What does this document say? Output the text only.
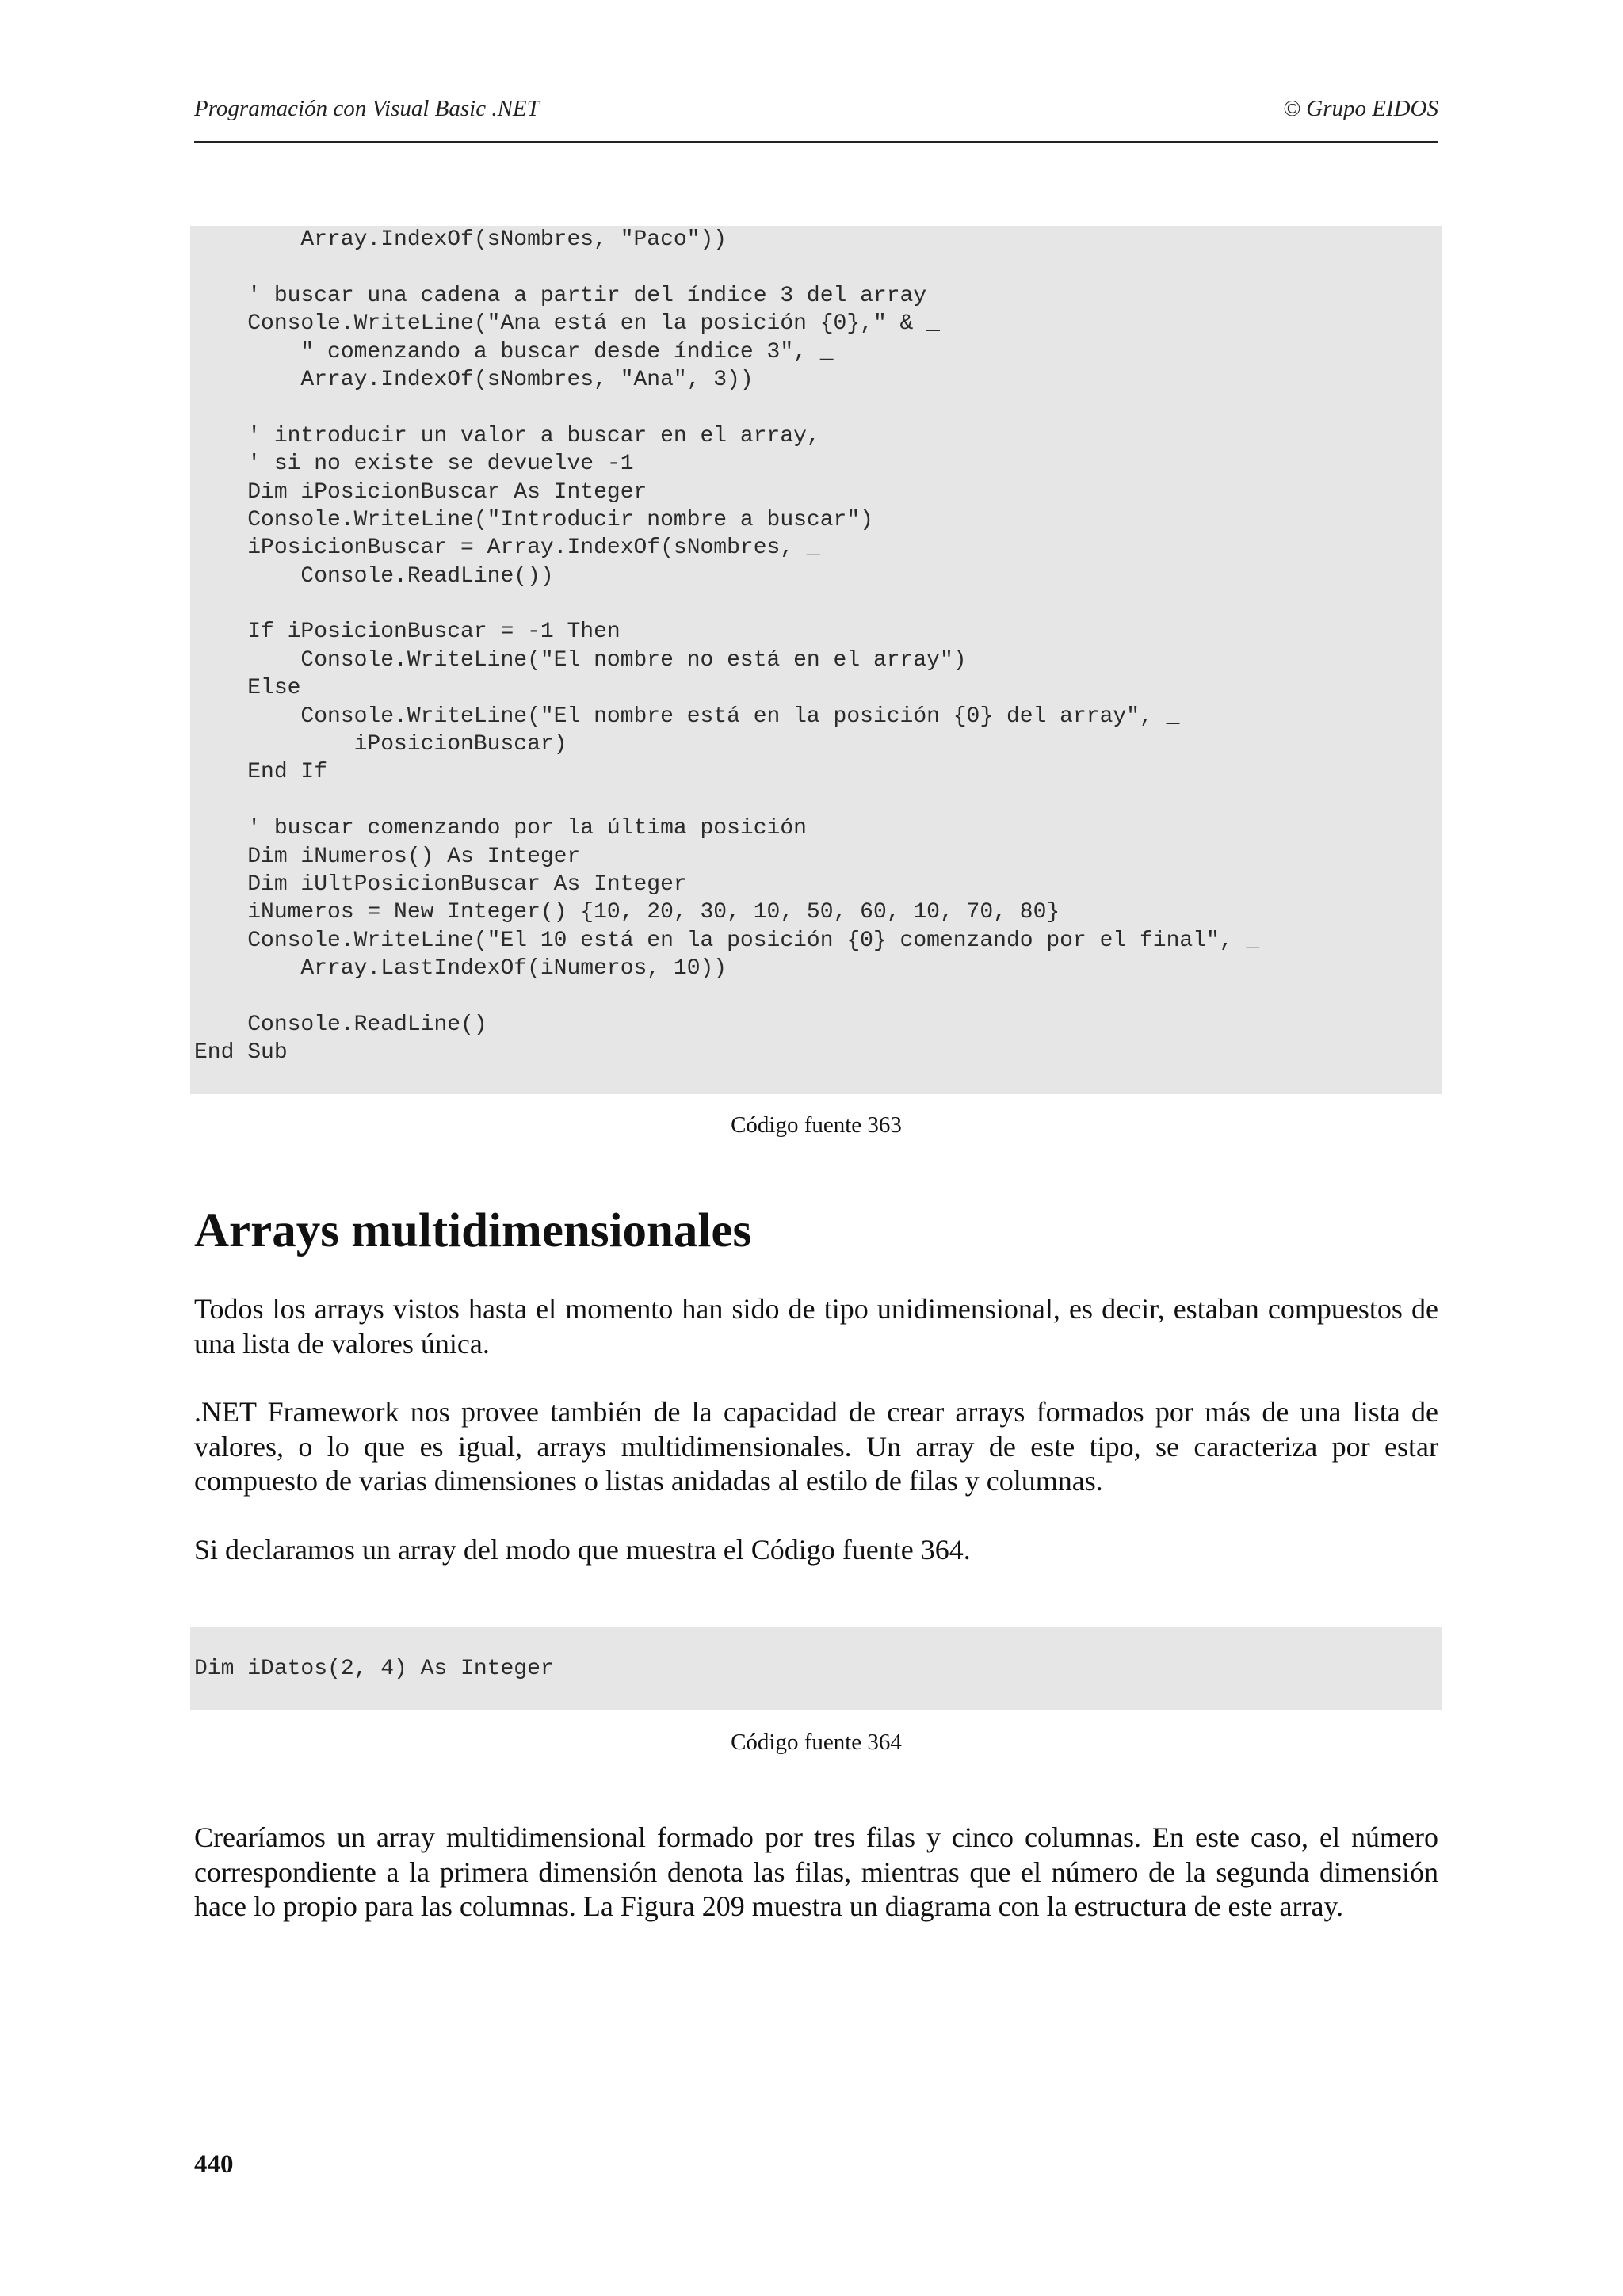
Programación con Visual Basic .NET	© Grupo EIDOS
Array.IndexOf(sNombres, "Paco"))
' buscar una cadena a partir del índice 3 del array
Console.WriteLine("Ana está en la posición {0}," & _
" comenzando a buscar desde índice 3", _
Array.IndexOf(sNombres, "Ana", 3))
' introducir un valor a buscar en el array,
' si no existe se devuelve -1
Dim iPosicionBuscar As Integer
Console.WriteLine("Introducir nombre a buscar")
iPosicionBuscar = Array.IndexOf(sNombres, _
Console.ReadLine())
If iPosicionBuscar = -1 Then
Console.WriteLine("El nombre no está en el array")
Else
Console.WriteLine("El nombre está en la posición {0} del array", _
iPosicionBuscar)
End If
' buscar comenzando por la última posición
Dim iNumeros() As Integer
Dim iUltPosicionBuscar As Integer
iNumeros = New Integer() {10, 20, 30, 10, 50, 60, 10, 70, 80}
Console.WriteLine("El 10 está en la posición {0} comenzando por el final", _
Array.LastIndexOf(iNumeros, 10))
Console.ReadLine()
End Sub
Código fuente 363
Arrays multidimensionales

Todos los arrays vistos hasta el momento han sido de tipo unidimensional, es decir, estaban compuestos de una lista de valores única.

.NET Framework nos provee también de la capacidad de crear arrays formados por más de una lista de valores, o lo que es igual, arrays multidimensionales. Un array de este tipo, se caracteriza por estar compuesto de varias dimensiones o listas anidadas al estilo de filas y columnas.

Si declaramos un array del modo que muestra el Código fuente 364.

Dim iDatos(2, 4) As Integer
Código fuente 364

Crearíamos un array multidimensional formado por tres filas y cinco columnas. En este caso, el número correspondiente a la primera dimensión denota las filas, mientras que el número de la segunda dimensión hace lo propio para las columnas. La Figura 209 muestra un diagrama con la estructura de este array.

440
